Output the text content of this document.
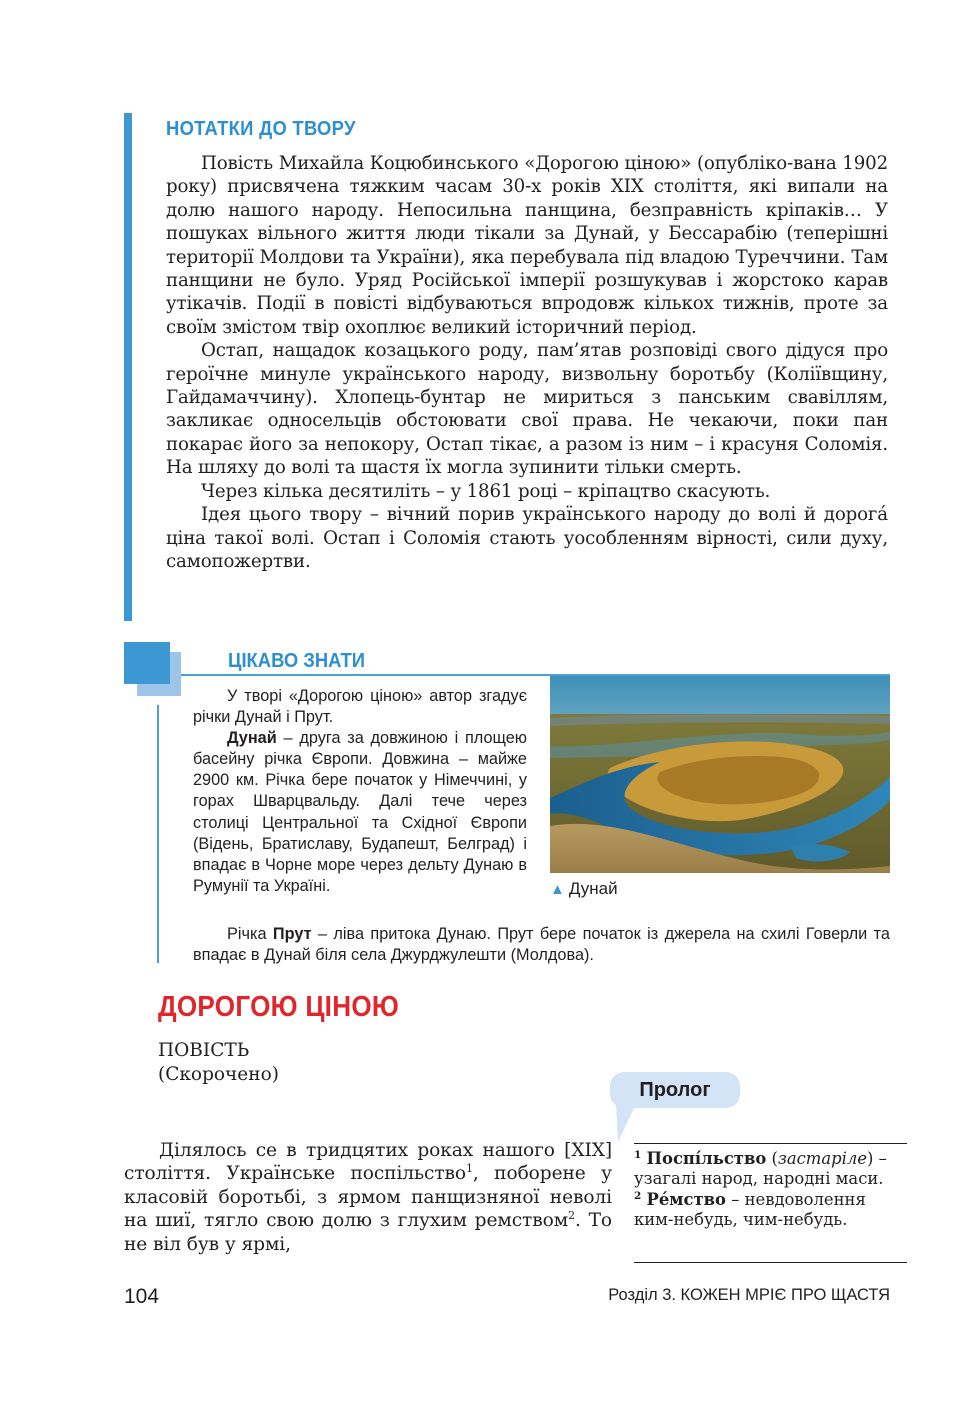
НОТАТКИ ДО ТВОРУ

Повість Михайла Коцюбинського «Дорогою ціною» (опубліко-вана 1902 року) присвячена тяжким часам 30-х років XIX століття, які випали на долю нашого народу. Непосильна панщина, безправність кріпаків… У пошуках вільного життя люди тікали за Дунай, у Бессарабію (теперішні території Молдови та України), яка перебувала під владою Туреччини. Там панщини не було. Уряд Російської імперії розшукував і жорстоко карав утікачів. Події в повісті відбуваються впродовж кількох тижнів, проте за своїм змістом твір охоплює великий історичний період.

Остап, нащадок козацького роду, пам’ятав розповіді свого дідуся про героїчне минуле українського народу, визвольну боротьбу (Коліївщину, Гайдамаччину). Хлопець-бунтар не мириться з панським свавіллям, закликає односельців обстоювати свої права. Не чекаючи, поки пан покарає його за непокору, Остап тікає, а разом із ним – і красуня Соломія. На шляху до волі та щастя їх могла зупинити тільки смерть.

Через кілька десятиліть – у 1861 році – кріпацтво скасують.

Ідея цього твору – вічний порив українського народу до волі й дорогá ціна такої волі. Остап і Соломія стають уособленням вірності, сили духу, самопожертви.

ЦІКАВО ЗНАТИ

У творі «Дорогою ціною» автор згадує річки Дунай і Прут.

Дунай – друга за довжиною і площею басейну річка Європи. Довжина – майже 2900 км. Річка бере початок у Німеччині, у горах Шварцвальду. Далі тече через столиці Центральної та Східної Європи (Відень, Братиславу, Будапешт, Белград) і впадає в Чорне море через дельту Дунаю в Румунії та Україні.

Річка Прут – ліва притока Дунаю. Прут бере початок із джерела на схилі Говерли та впадає в Дунай біля села Джурджулешти (Молдова).

▲ Дунай
ДОРОГОЮ ЦІНОЮ
ПОВІСТЬ
(Скорочено)
Пролог

Ділялось се в тридцятих роках нашого [XIX] століття. Українське поспільство$^1$, поборене у класовій боротьбі, з ярмом панщизняної неволі на шиї, тягло свою долю з глухим ремством$^2$. То не віл був у ярмі,

$^1$ Поспíльство (застаріле) – узагалі народ, народні маси.

$^2$ Рéмство – невдоволення ким-небудь, чим-небудь.

104	Розділ 3. КОЖЕН МРІЄ ПРО ЩАСТЯ
